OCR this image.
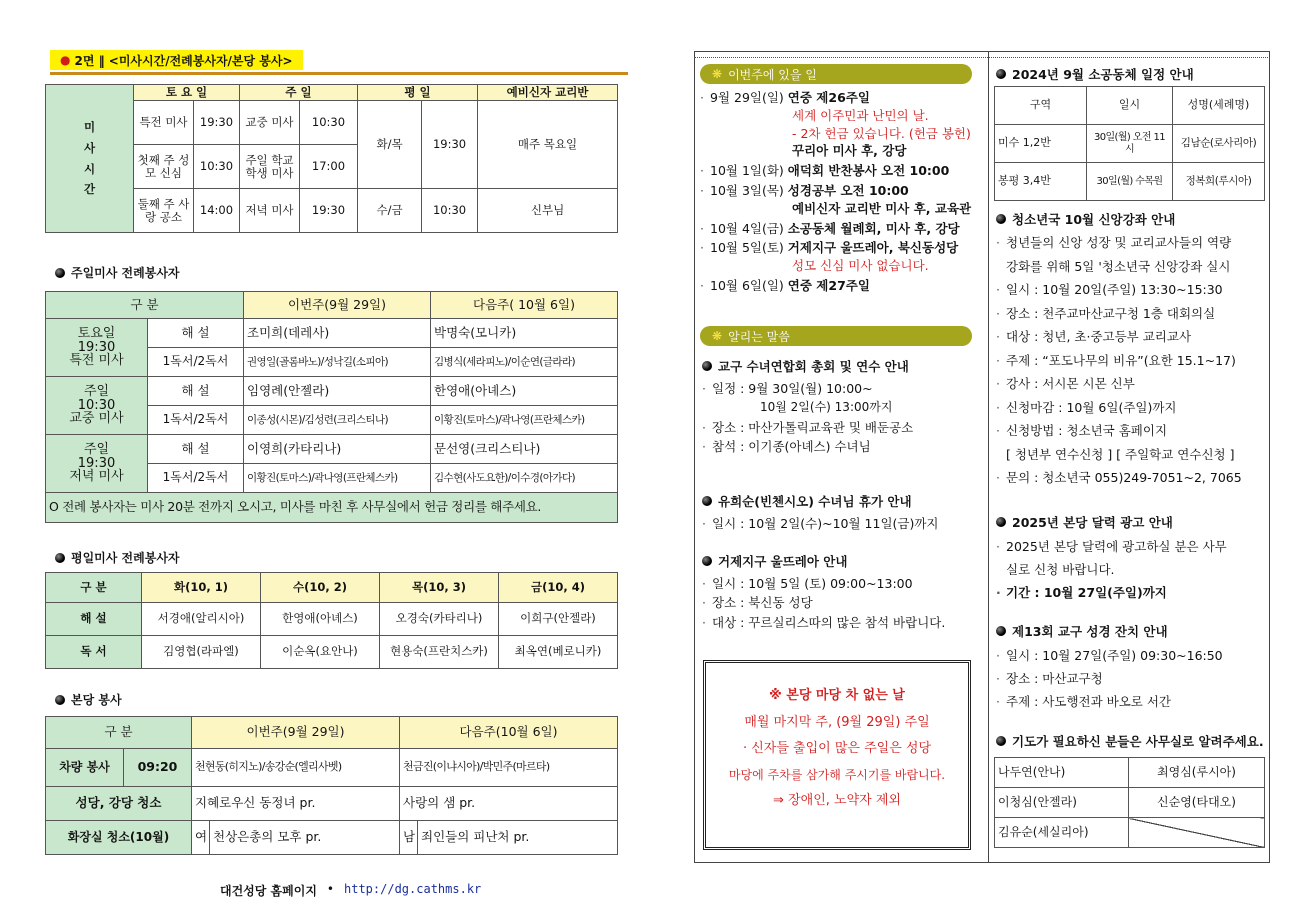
● 2면 ‖ <미사시간/전례봉사자/본당 봉사>
미
사
시
간	토 요 일		주 일		평 일		예비신자 교리반
	특전 미사	19:30	교중 미사	10:30	화/목	19:30	매주 목요일
	첫째 주 성모 신심	10:30	주일 학교 학생 미사	17:00			
	둘째 주 사랑 공소	14:00	저녁 미사	19:30	수/금	10:30	신부님
주일미사 전례봉사자
구 분		이번주(9월 29일)	다음주( 10월 6일)
토요일
19:30
특전 미사	해 설	조미희(데레사)	박명숙(모니카)
	1독서/2독서	권영일(골롬바노)/성낙길(소피아)	김병식(세라피노)/이순연(글라라)
주일
10:30
교중 미사	해 설	임영례(안젤라)	한영애(아녜스)
	1독서/2독서	이종성(시몬)/김성련(크리스티나)	이황진(토마스)/곽나영(프란체스카)
주일
19:30
저녁 미사	해 설	이영희(카타리나)	문선영(크리스티나)
	1독서/2독서	이황진(토마스)/곽나영(프란체스카)	김수현(사도요한)/이수경(아가다)
O 전례 봉사자는 미사 20분 전까지 오시고, 미사를 마친 후 사무실에서 헌금 정리를 해주세요.			
평일미사 전례봉사자
구 분	화(10, 1)	수(10, 2)	목(10, 3)	금(10, 4)
해 설	서경애(알리시아)	한영애(아녜스)	오경숙(카타리나)	이희구(안젤라)
독 서	김영협(라파엘)	이순옥(요안나)	현용숙(프란치스카)	최옥연(베로니카)
본당 봉사
구 분		이번주(9월 29일)		다음주(10월 6일)	
차량 봉사	09:20	천현동(히지노)/송강순(엘리사벳)		천금진(이냐시아)/박민주(마르타)	
성당, 강당 청소		지혜로우신 동정녀 pr.		사랑의 샘 pr.	
화장실 청소(10월)		여	천상은총의 모후 pr.	남	죄인들의 피난처 pr.
대건성당 홈페이지 • http://dg.cathms.kr
❋ 이번주에 있을 일
· 9월 29일(일) 연중 제26주일
세계 이주민과 난민의 날.
- 2차 헌금 있습니다. (헌금 봉헌)
꾸리아 미사 후, 강당
· 10월 1일(화) 애덕회 반찬봉사 오전 10:00
· 10월 3일(목) 성경공부 오전 10:00
예비신자 교리반 미사 후, 교육관
· 10월 4일(금) 소공동체 월례회, 미사 후, 강당
· 10월 5일(토) 거제지구 울뜨레아, 북신동성당
성모 신심 미사 없습니다.
· 10월 6일(일) 연중 제27주일
❋ 알리는 말씀
교구 수녀연합회 총회 및 연수 안내
· 일정 : 9월 30일(월) 10:00~
10월 2일(수) 13:00까지
· 장소 : 마산가톨릭교육관 및 배둔공소
· 참석 : 이기종(아녜스) 수녀님
유희순(빈첸시오) 수녀님 휴가 안내
· 일시 : 10월 2일(수)~10월 11일(금)까지
거제지구 울뜨레아 안내
· 일시 : 10월 5일 (토) 09:00~13:00
· 장소 : 북신동 성당
· 대상 : 꾸르실리스따의 많은 참석 바랍니다.
※ 본당 마당 차 없는 날
매월 마지막 주, (9월 29일) 주일
· 신자들 출입이 많은 주일은 성당
마당에 주차를 삼가해 주시기를 바랍니다.
⇒ 장애인, 노약자 제외
2024년 9월 소공동체 일정 안내
구역	일시	성명(세례명)
미수 1,2반	30일(월) 오전 11시	김남순(로사리아)
봉평 3,4반	30일(월) 수목원	정복희(루시아)
청소년국 10월 신앙강좌 안내
· 청년들의 신앙 성장 및 교리교사들의 역량
강화를 위해 5일 '청소년국 신앙강좌 실시
· 일시 : 10월 20일(주일) 13:30~15:30
· 장소 : 천주교마산교구청 1층 대회의실
· 대상 : 청년, 초·중고등부 교리교사
· 주제 : “포도나무의 비유”(요한 15.1~17)
· 강사 : 서시몬 시몬 신부
· 신청마감 : 10월 6일(주일)까지
· 신청방법 : 청소년국 홈페이지
[ 청년부 연수신청 ] [ 주일학교 연수신청 ]
· 문의 : 청소년국 055)249-7051~2, 7065
2025년 본당 달력 광고 안내
· 2025년 본당 달력에 광고하실 분은 사무
실로 신청 바랍니다.
· 기간 : 10월 27일(주일)까지
제13회 교구 성경 잔치 안내
· 일시 : 10월 27일(주일) 09:30~16:50
· 장소 : 마산교구청
· 주제 : 사도행전과 바오로 서간
기도가 필요하신 분들은 사무실로 알려주세요.
나두연(안나)	최영심(루시아)
이청심(안젤라)	신순영(타대오)
김유순(세실리아)	
